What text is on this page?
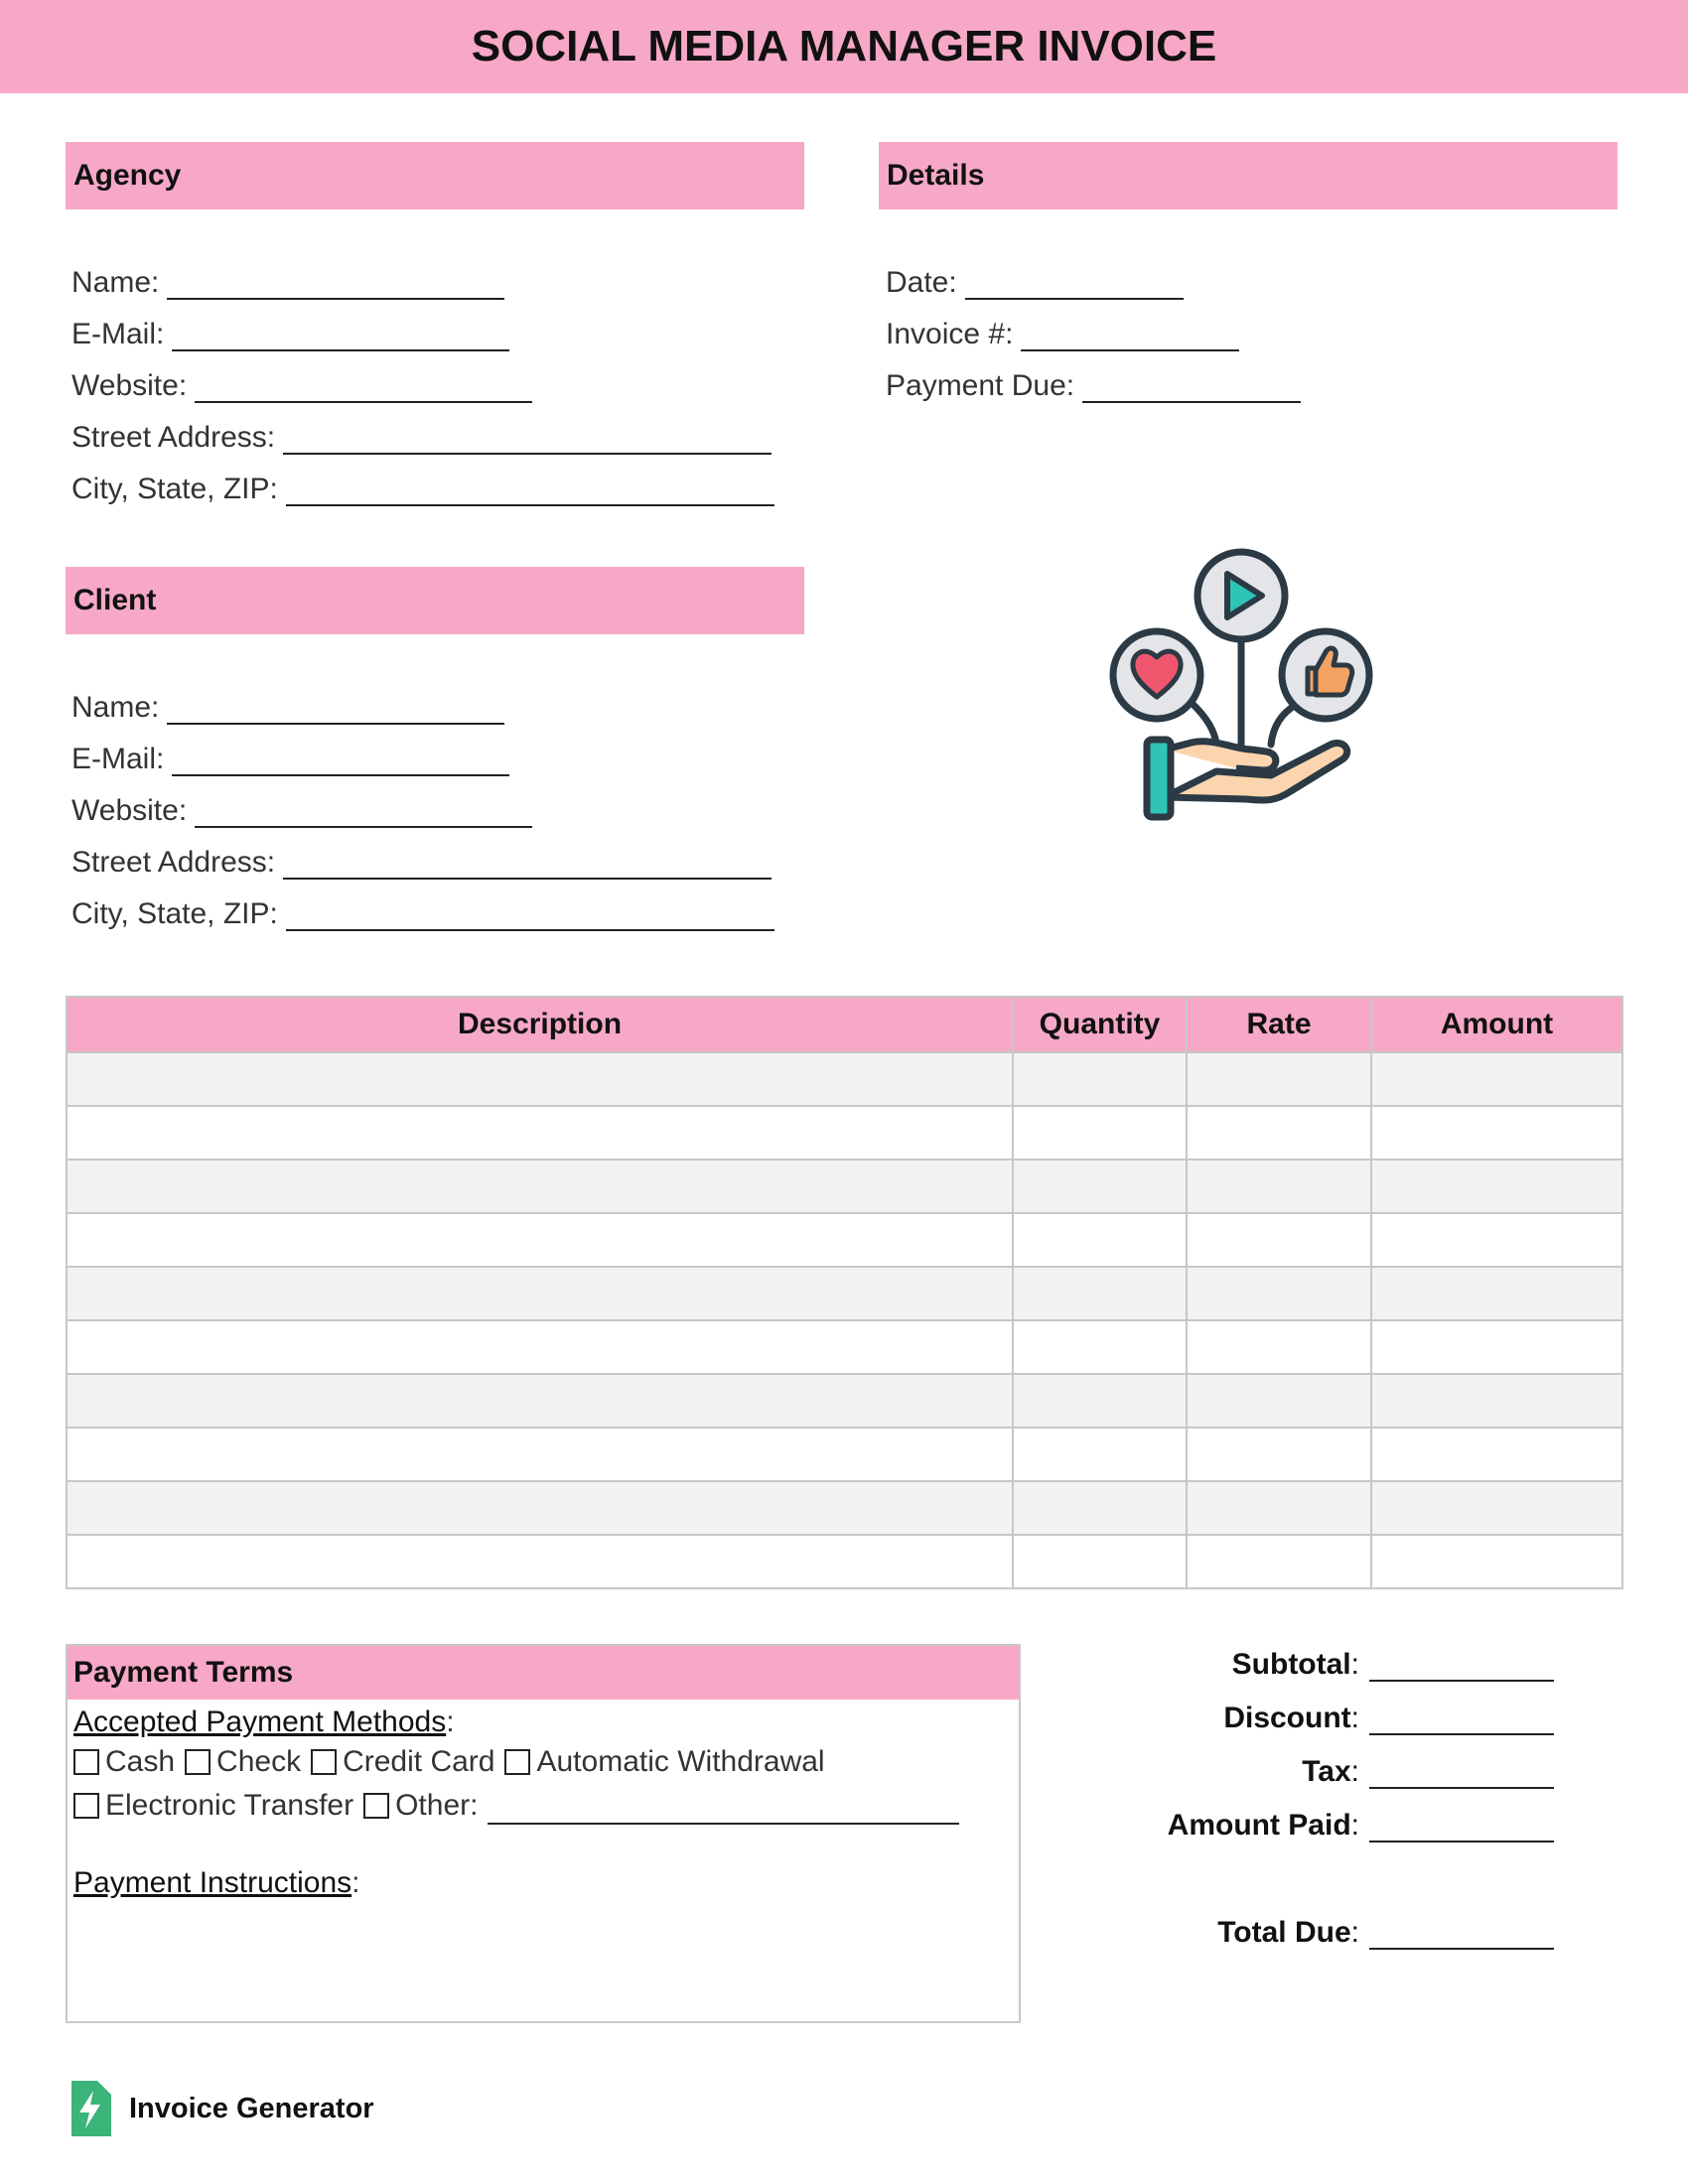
SOCIAL MEDIA MANAGER INVOICE
Agency
Name:
E-Mail:
Website:
Street Address:
City, State, ZIP:
Details
Date:
Invoice #:
Payment Due:
Client
Name:
E-Mail:
Website:
Street Address:
City, State, ZIP:
Description	Quantity	Rate	Amount

Payment Terms
Accepted Payment Methods :
Cash Check Credit Card Automatic Withdrawal
Electronic Transfer Other:
Payment Instructions :
Subtotal :
Discount :
Tax :
Amount Paid :
Total Due :
Invoice Generator
